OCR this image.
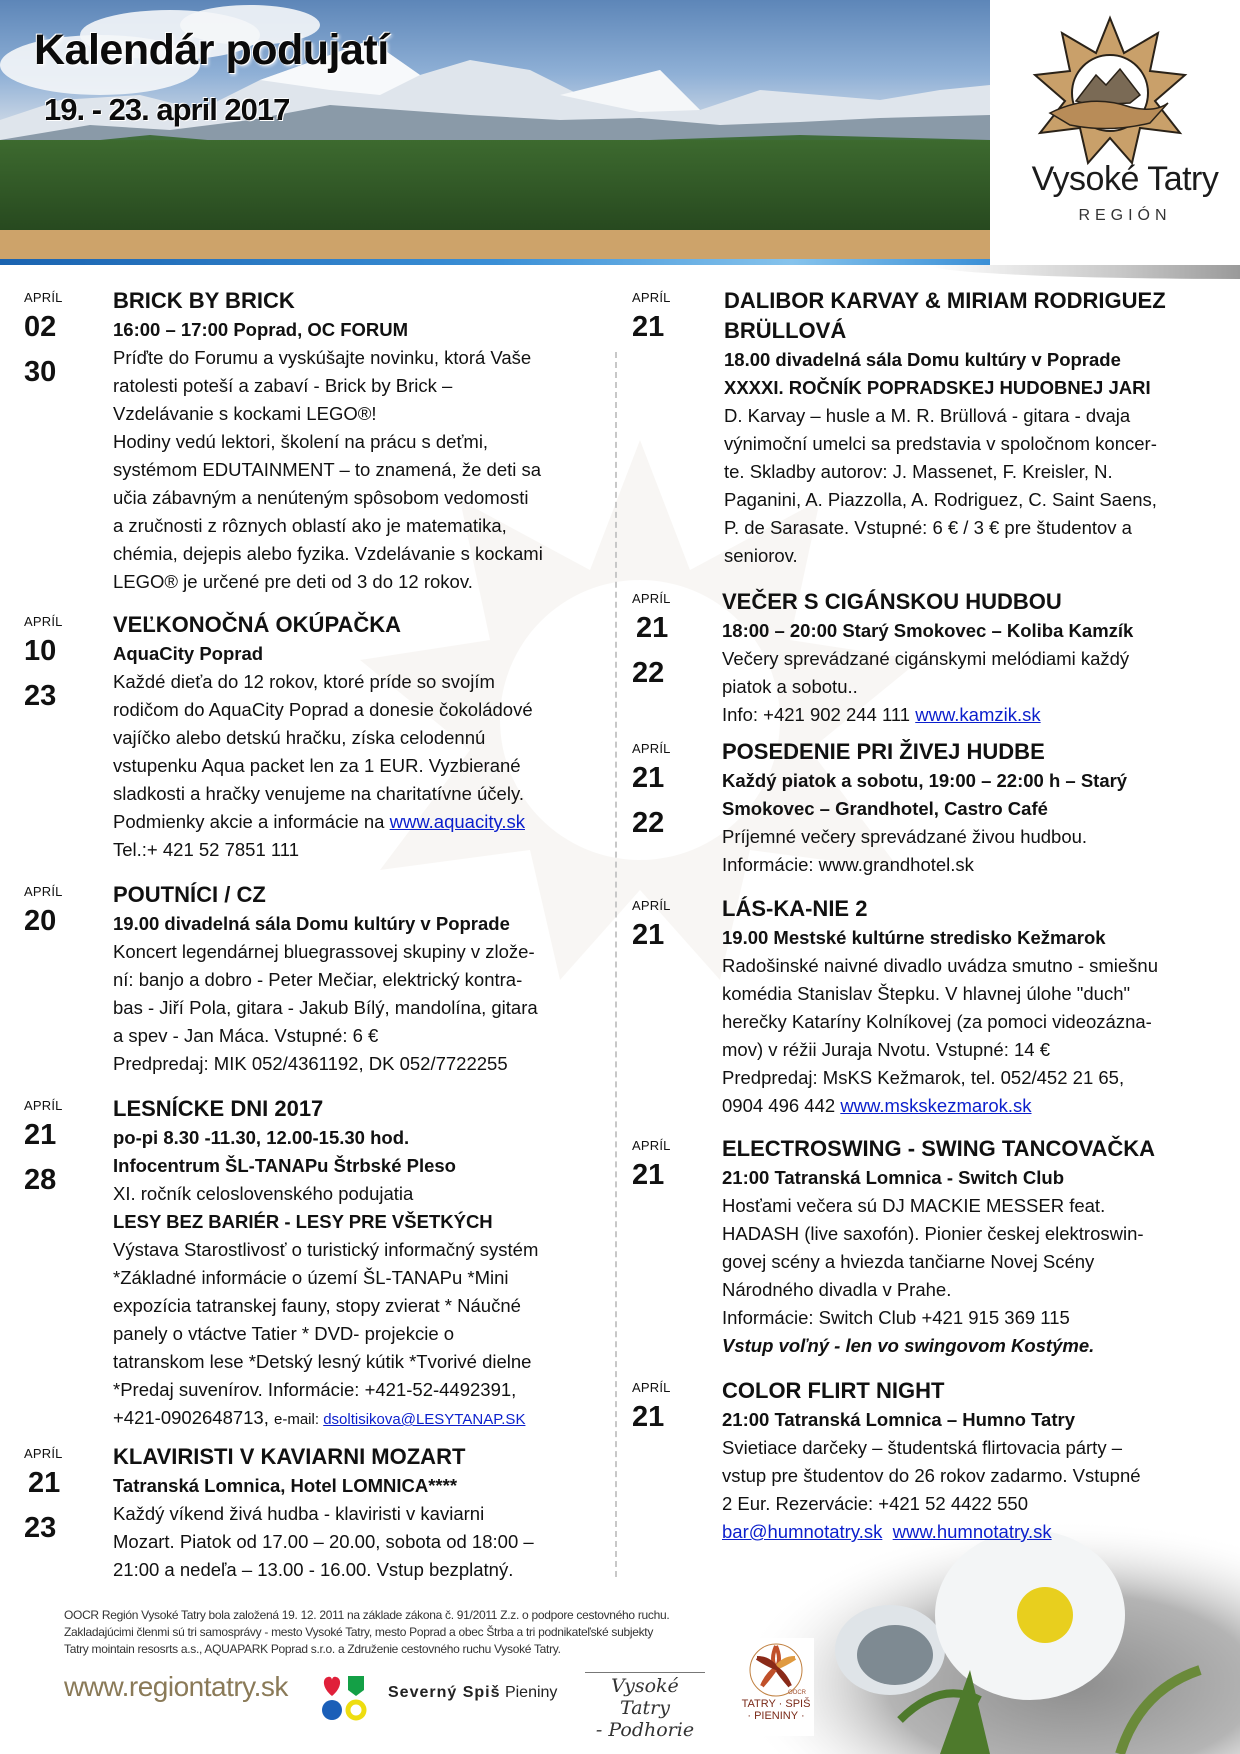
Kalendár podujatí
19. - 23. april 2017
Vysoké Tatry
REGIÓN
APRÍL
02
30
BRICK BY BRICK
16:00 – 17:00 Poprad, OC FORUM
Príďte do Forumu a vyskúšajte novinku, ktorá Vaše
ratolesti poteší a zabaví - Brick by Brick –
Vzdelávanie s kockami LEGO®!
Hodiny vedú lektori, školení na prácu s deťmi,
systémom EDUTAINMENT – to znamená, že deti sa
učia zábavným a nenúteným spôsobom vedomosti
a zručnosti z rôznych oblastí ako je matematika,
chémia, dejepis alebo fyzika. Vzdelávanie s kockami
LEGO® je určené pre deti od 3 do 12 rokov.
APRÍL
10
23
VEĽKONOČNÁ OKÚPAČKA
AquaCity Poprad
Každé dieťa do 12 rokov, ktoré príde so svojím
rodičom do AquaCity Poprad a donesie čokoládové
vajíčko alebo detskú hračku, získa celodennú
vstupenku Aqua packet len za 1 EUR. Vyzbierané
sladkosti a hračky venujeme na charitatívne účely.
Podmienky akcie a informácie na www.aquacity.sk
Tel.:+ 421 52 7851 111
APRÍL
20
POUTNÍCI / CZ
19.00 divadelná sála Domu kultúry v Poprade
Koncert legendárnej bluegrassovej skupiny v zlože-
ní: banjo a dobro - Peter Mečiar, elektrický kontra-
bas - Jiří Pola, gitara - Jakub Bílý, mandolína, gitara
a spev - Jan Máca. Vstupné: 6 €
Predpredaj: MIK 052/4361192, DK 052/7722255
APRÍL
21
28
LESNÍCKE DNI 2017
po-pi 8.30 -11.30, 12.00-15.30 hod.
Infocentrum ŠL-TANAPu Štrbské Pleso
XI. ročník celoslovenského podujatia
LESY BEZ BARIÉR - LESY PRE VŠETKÝCH
Výstava Starostlivosť o turistický informačný systém
*Základné informácie o území ŠL-TANAPu *Mini
expozícia tatranskej fauny, stopy zvierat * Náučné
panely o vtáctve Tatier * DVD- projekcie o
tatranskom lese *Detský lesný kútik *Tvorivé dielne
*Predaj suvenírov. Informácie: +421-52-4492391,
+421-0902648713, e-mail: dsoltisikova@LESYTANAP.SK
APRÍL
21
23
KLAVIRISTI V KAVIARNI MOZART
Tatranská Lomnica, Hotel LOMNICA****
Každý víkend živá hudba - klaviristi v kaviarni
Mozart. Piatok od 17.00 – 20.00, sobota od 18:00 –
21:00 a nedeľa – 13.00 - 16.00. Vstup bezplatný.
APRÍL
21
DALIBOR KARVAY & MIRIAM RODRIGUEZ
BRÜLLOVÁ
18.00 divadelná sála Domu kultúry v Poprade
XXXXI. ROČNÍK POPRADSKEJ HUDOBNEJ JARI
D. Karvay – husle a M. R. Brüllová - gitara - dvaja
výnimoční umelci sa predstavia v spoločnom koncer-
te. Skladby autorov: J. Massenet, F. Kreisler, N.
Paganini, A. Piazzolla, A. Rodriguez, C. Saint Saens,
P. de Sarasate. Vstupné: 6 € / 3 € pre študentov a
seniorov.
APRÍL
21
22
VEČER S CIGÁNSKOU HUDBOU
18:00 – 20:00 Starý Smokovec – Koliba Kamzík
Večery sprevádzané cigánskymi melódiami každý
piatok a sobotu..
Info: +421 902 244 111 www.kamzik.sk
APRÍL
21
22
POSEDENIE PRI ŽIVEJ HUDBE
Každý piatok a sobotu, 19:00 – 22:00 h – Starý
Smokovec – Grandhotel, Castro Café
Príjemné večery sprevádzané živou hudbou.
Informácie: www.grandhotel.sk
APRÍL
21
LÁS-KA-NIE 2
19.00 Mestské kultúrne stredisko Kežmarok
Radošinské naivné divadlo uvádza smutno - smiešnu
komédia Stanislav Štepku. V hlavnej úlohe "duch"
herečky Kataríny Kolníkovej (za pomoci videozázna-
mov) v réžii Juraja Nvotu. Vstupné: 14 €
Predpredaj: MsKS Kežmarok, tel. 052/452 21 65,
0904 496 442 www.mskskezmarok.sk
APRÍL
21
ELECTROSWING - SWING TANCOVAČKA
21:00 Tatranská Lomnica - Switch Club
Hosťami večera sú DJ MACKIE MESSER feat.
HADASH (live saxofón). Pionier českej elektroswin-
govej scény a hviezda tančiarne Novej Scény
Národného divadla v Prahe.
Informácie: Switch Club +421 915 369 115
Vstup voľný - len vo swingovom Kostýme.
APRÍL
21
COLOR FLIRT NIGHT
21:00 Tatranská Lomnica – Humno Tatry
Svietiace darčeky – študentská flirtovacia párty –
vstup pre študentov do 26 rokov zadarmo. Vstupné
2 Eur. Rezervácie: +421 52 4422 550
bar@humnotatry.sk www.humnotatry.sk
OOCR Región Vysoké Tatry bola založená 19. 12. 2011 na základe zákona č. 91/2011 Z.z. o podpore cestovného ruchu.
Zakladajúcimi členmi sú tri samosprávy - mesto Vysoké Tatry, mesto Poprad a obec Štrba a tri podnikateľské subjekty
Tatry mointain resosrts a.s., AQUAPARK Poprad s.r.o. a Združenie cestovného ruchu Vysoké Tatry.
www.regiontatry.sk	Severný Spiš Pieniny	Vysoké Tatry
- Podhorie
OOCR
TATRY · SPIŠ
· PIENINY ·
